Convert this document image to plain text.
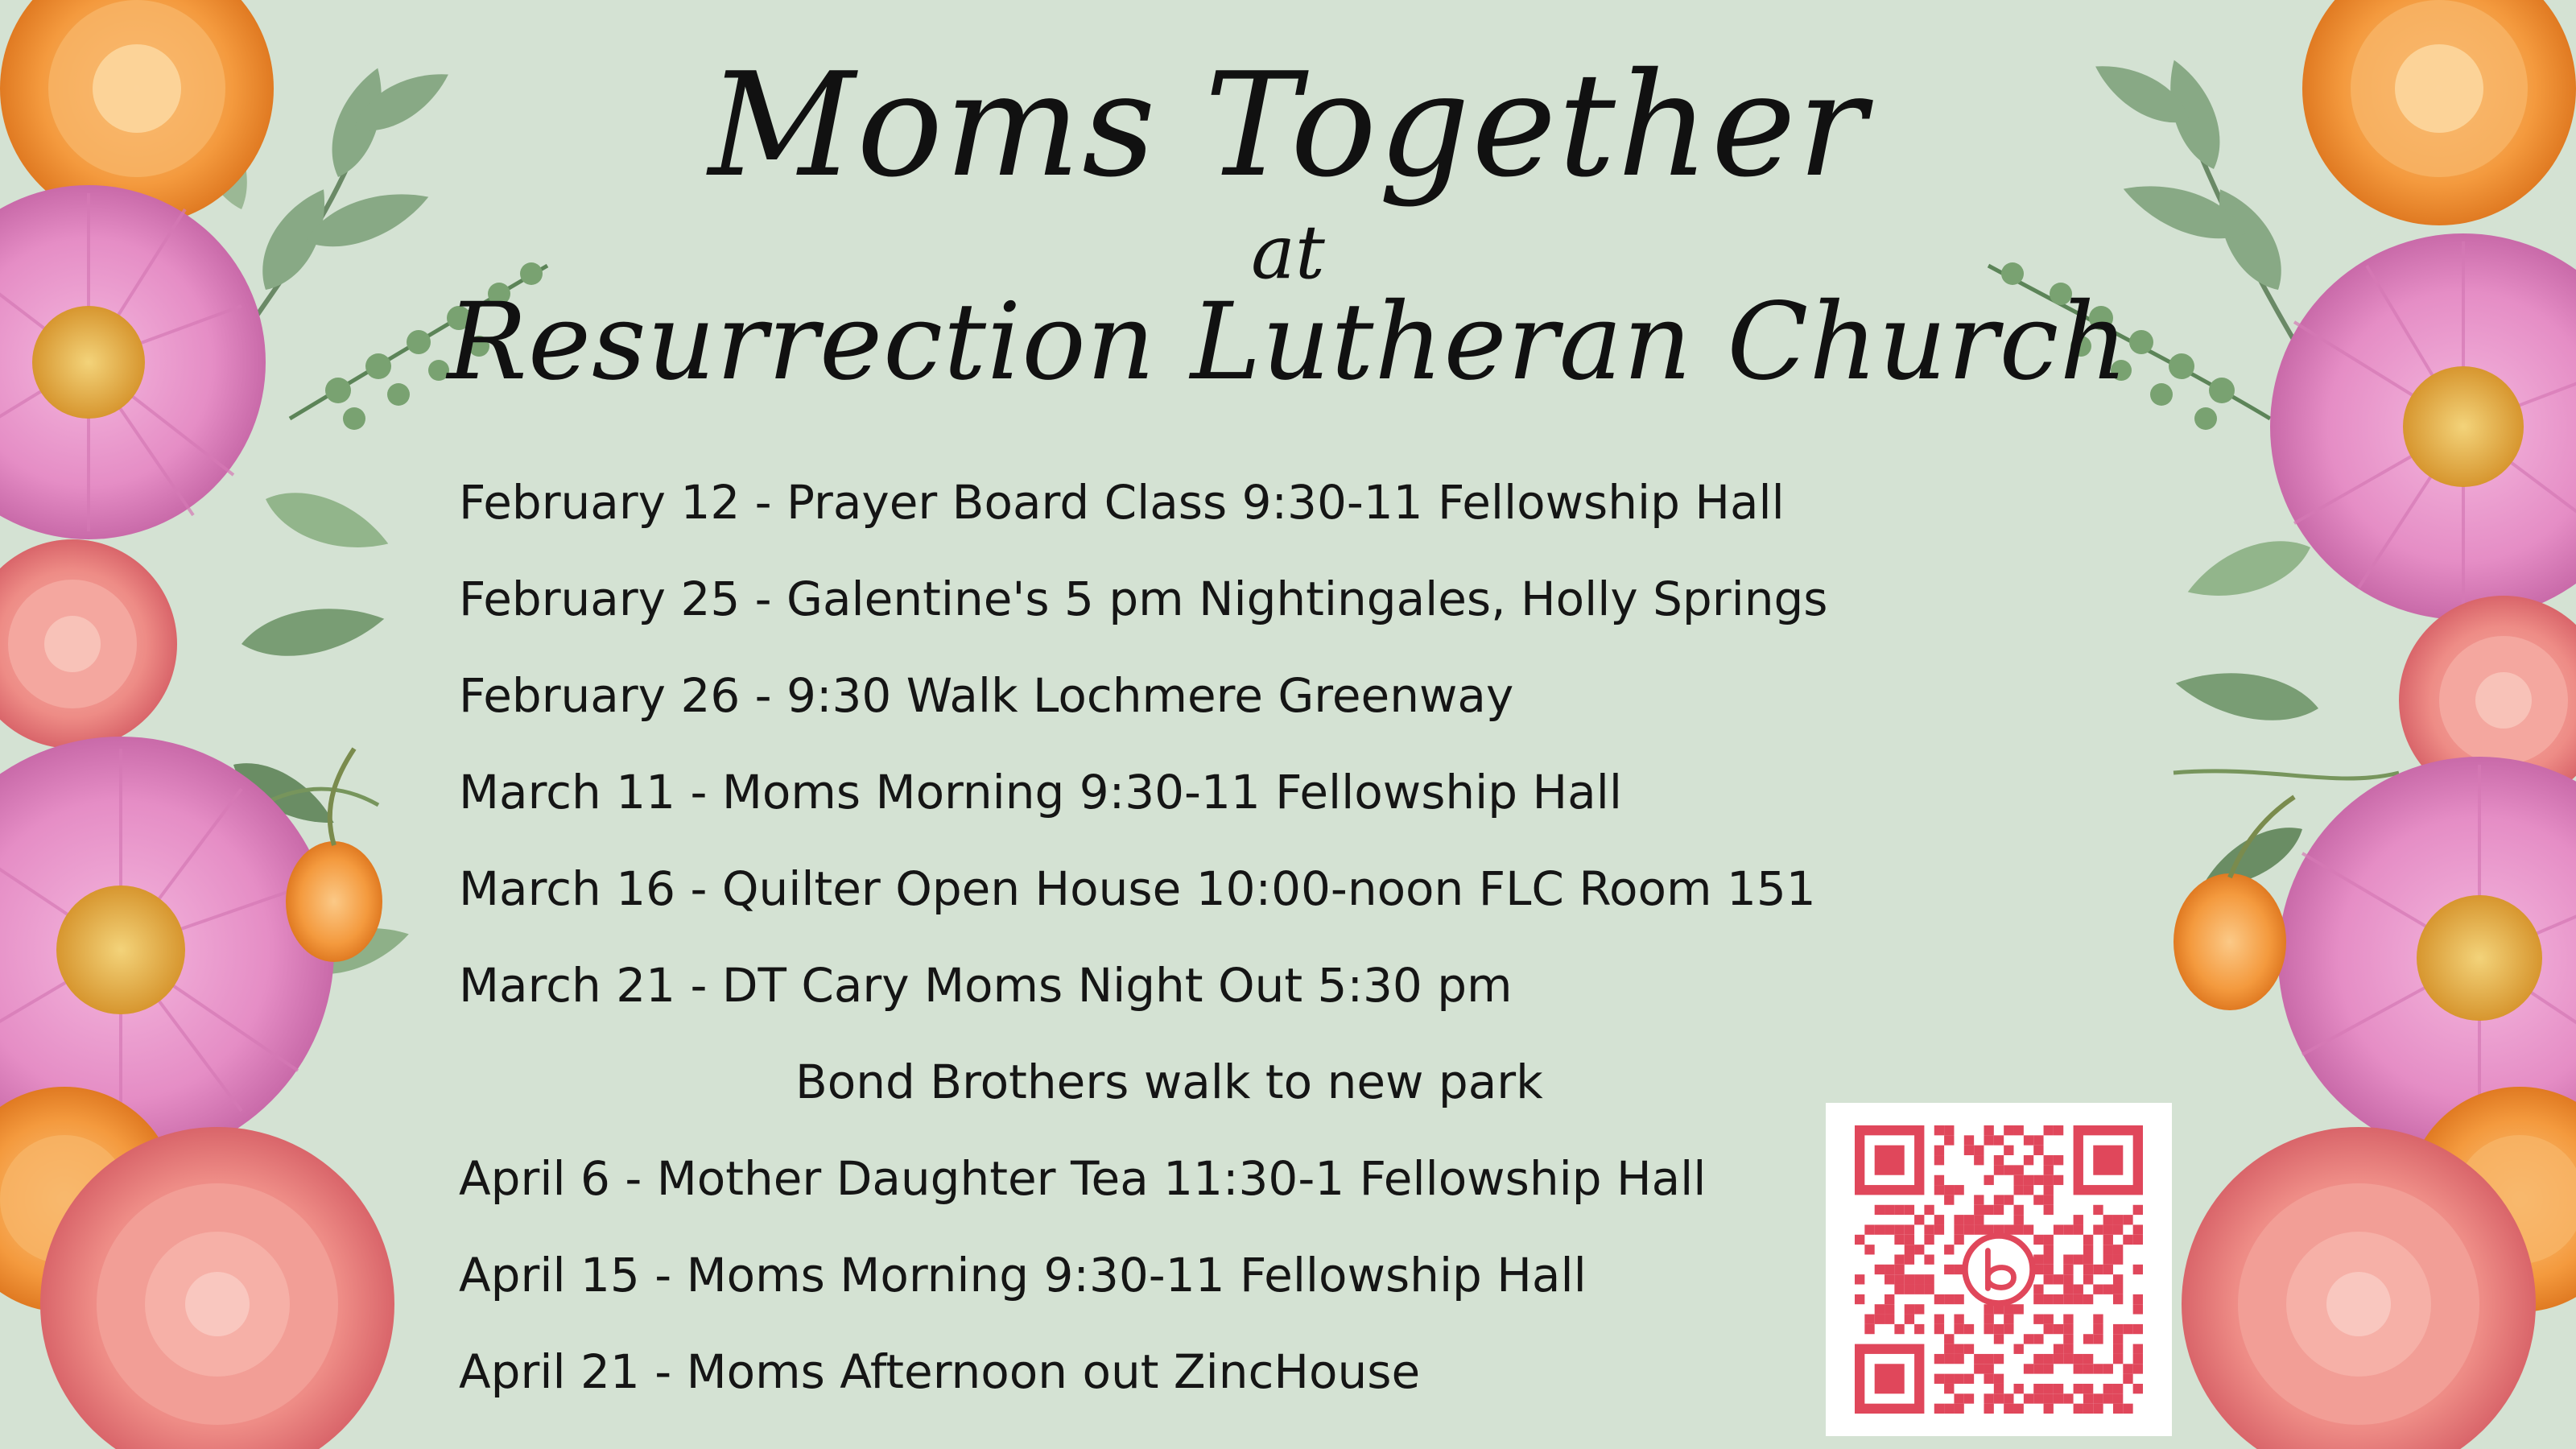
Moms Together
at
Resurrection Lutheran Church
February 12 - Prayer Board Class 9:30-11 Fellowship Hall
February 25 - Galentine's 5 pm Nightingales, Holly Springs
February 26 - 9:30 Walk Lochmere Greenway
March 11 - Moms Morning 9:30-11 Fellowship Hall
March 16 - Quilter Open House 10:00-noon FLC Room 151
March 21 - DT Cary Moms Night Out 5:30 pm
Bond Brothers walk to new park
April 6 - Mother Daughter Tea 11:30-1 Fellowship Hall
April 15 - Moms Morning 9:30-11 Fellowship Hall
April 21 - Moms Afternoon out ZincHouse
